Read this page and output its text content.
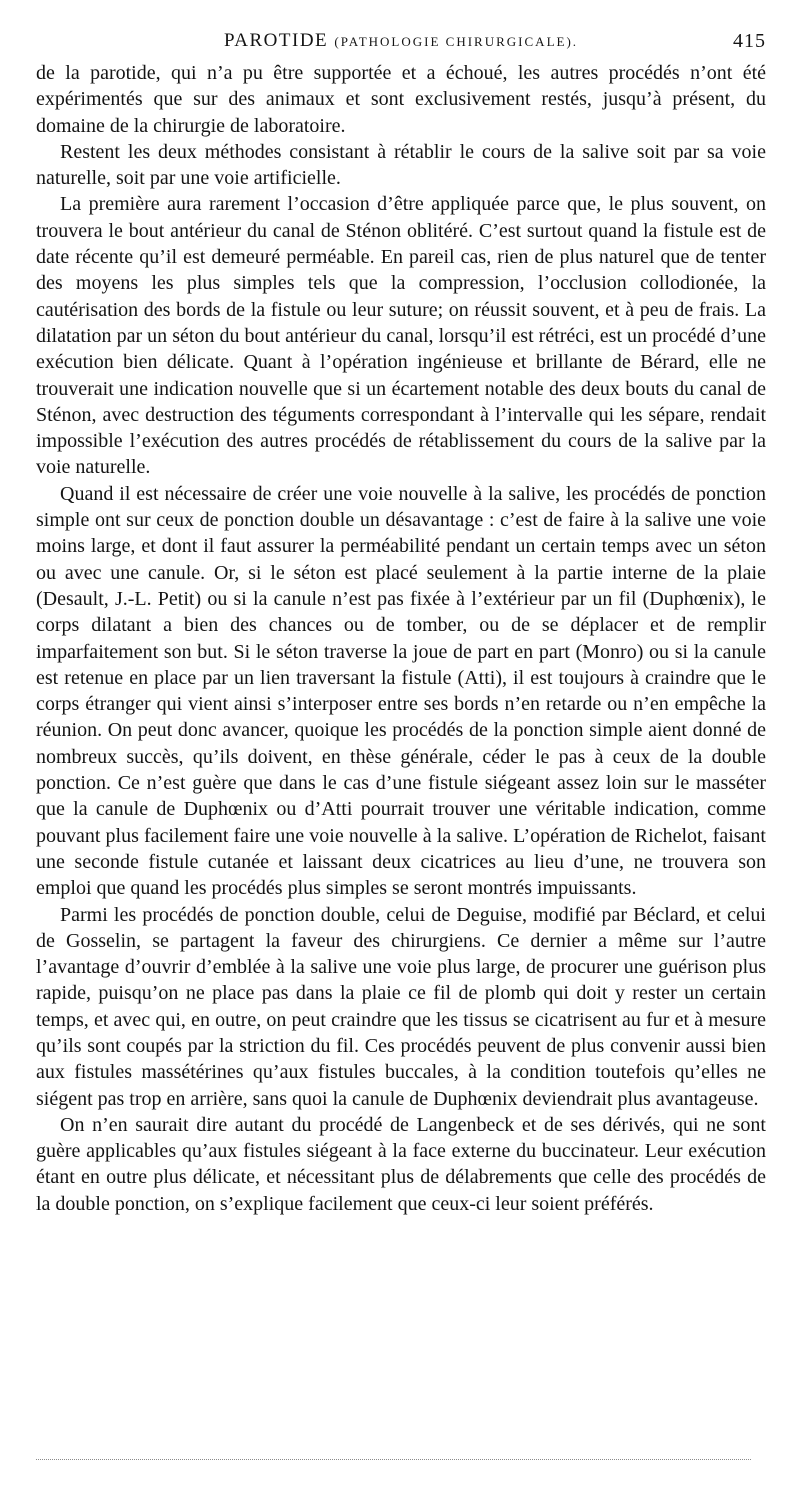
PAROTIDE (PATHOLOGIE CHIRURGICALE).	415

de la parotide, qui n’a pu être supportée et a échoué, les autres procédés n’ont été expérimentés que sur des animaux et sont exclusivement restés, jusqu’à présent, du domaine de la chirurgie de laboratoire.

Restent les deux méthodes consistant à rétablir le cours de la salive soit par sa voie naturelle, soit par une voie artificielle.

La première aura rarement l’occasion d’être appliquée parce que, le plus souvent, on trouvera le bout antérieur du canal de Sténon oblitéré. C’est surtout quand la fistule est de date récente qu’il est demeuré perméable. En pareil cas, rien de plus naturel que de tenter des moyens les plus simples tels que la compression, l’occlusion collodionée, la cautérisation des bords de la fistule ou leur suture; on réussit souvent, et à peu de frais. La dilatation par un séton du bout antérieur du canal, lorsqu’il est rétréci, est un procédé d’une exécution bien délicate. Quant à l’opération ingénieuse et brillante de Bérard, elle ne trouverait une indication nouvelle que si un écartement notable des deux bouts du canal de Sténon, avec destruction des téguments correspondant à l’intervalle qui les sépare, rendait impossible l’exécution des autres procédés de rétablissement du cours de la salive par la voie naturelle.

Quand il est nécessaire de créer une voie nouvelle à la salive, les procédés de ponction simple ont sur ceux de ponction double un désavantage : c’est de faire à la salive une voie moins large, et dont il faut assurer la perméabilité pendant un certain temps avec un séton ou avec une canule. Or, si le séton est placé seulement à la partie interne de la plaie (Desault, J.-L. Petit) ou si la canule n’est pas fixée à l’extérieur par un fil (Duphœnix), le corps dilatant a bien des chances ou de tomber, ou de se déplacer et de remplir imparfaitement son but. Si le séton traverse la joue de part en part (Monro) ou si la canule est retenue en place par un lien traversant la fistule (Atti), il est toujours à craindre que le corps étranger qui vient ainsi s’interposer entre ses bords n’en retarde ou n’en empêche la réunion. On peut donc avancer, quoique les procédés de la ponction simple aient donné de nombreux succès, qu’ils doivent, en thèse générale, céder le pas à ceux de la double ponction. Ce n’est guère que dans le cas d’une fistule siégeant assez loin sur le masséter que la canule de Duphœnix ou d’Atti pourrait trouver une véritable indication, comme pouvant plus facilement faire une voie nouvelle à la salive. L’opération de Richelot, faisant une seconde fistule cutanée et laissant deux cicatrices au lieu d’une, ne trouvera son emploi que quand les procédés plus simples se seront montrés impuissants.

Parmi les procédés de ponction double, celui de Deguise, modifié par Béclard, et celui de Gosselin, se partagent la faveur des chirurgiens. Ce dernier a même sur l’autre l’avantage d’ouvrir d’emblée à la salive une voie plus large, de procurer une guérison plus rapide, puisqu’on ne place pas dans la plaie ce fil de plomb qui doit y rester un certain temps, et avec qui, en outre, on peut craindre que les tissus se cicatrisent au fur et à mesure qu’ils sont coupés par la striction du fil. Ces procédés peuvent de plus convenir aussi bien aux fistules massétérines qu’aux fistules buccales, à la condition toutefois qu’elles ne siégent pas trop en arrière, sans quoi la canule de Duphœnix deviendrait plus avantageuse.

On n’en saurait dire autant du procédé de Langenbeck et de ses dérivés, qui ne sont guère applicables qu’aux fistules siégeant à la face externe du buccinateur. Leur exécution étant en outre plus délicate, et nécessitant plus de délabrements que celle des procédés de la double ponction, on s’explique facilement que ceux-ci leur soient préférés.
